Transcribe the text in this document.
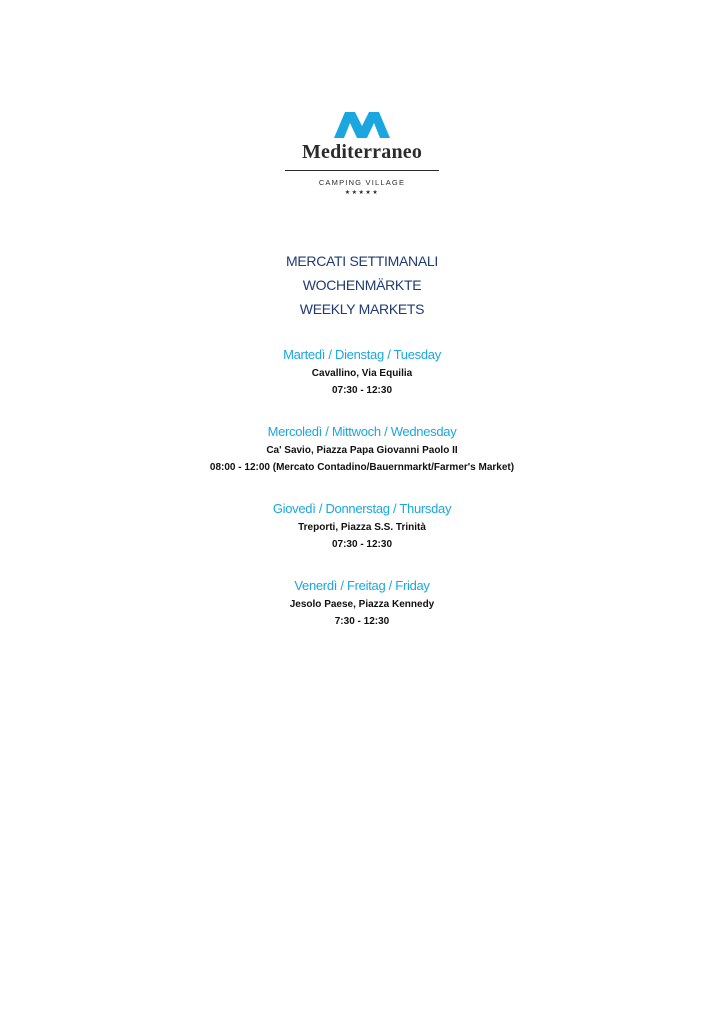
Mediterraneo
CAMPING VILLAGE
★★★★★
MERCATI SETTIMANALI
WOCHENMÄRKTE
WEEKLY MARKETS
Martedì / Dienstag / Tuesday
Cavallino, Via Equilia
07:30 - 12:30
Mercoledì / Mittwoch / Wednesday
Ca' Savio, Piazza Papa Giovanni Paolo II
08:00 - 12:00 (Mercato Contadino/Bauernmarkt/Farmer's Market)
Giovedì / Donnerstag / Thursday
Treporti, Piazza S.S. Trinità
07:30 - 12:30
Venerdì / Freitag / Friday
Jesolo Paese, Piazza Kennedy
7:30 - 12:30
